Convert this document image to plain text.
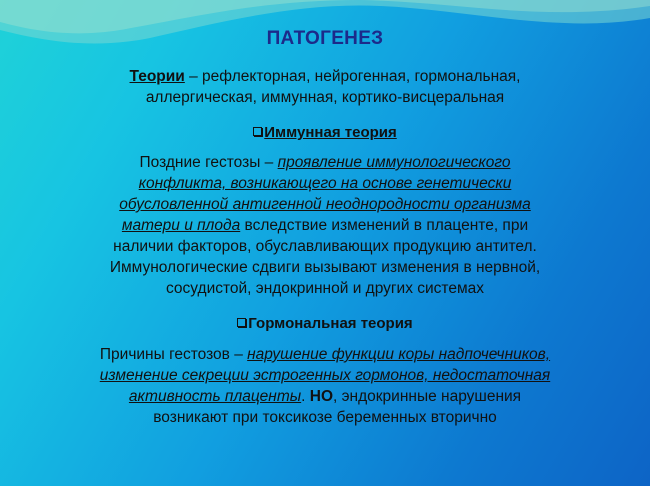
ПАТОГЕНЕЗ
Теории – рефлекторная, нейрогенная, гормональная,
аллергическая, иммунная, кортико-висцеральная
Иммунная теория
Поздние гестозы – проявление иммунологического
конфликта, возникающего на основе генетически
обусловленной антигенной неоднородности организма
матери и плода вследствие изменений в плаценте, при
наличии факторов, обуславливающих продукцию антител.
Иммунологические сдвиги вызывают изменения в нервной,
сосудистой, эндокринной и других системах
Гормональная теория
Причины гестозов – нарушение функции коры надпочечников,
изменение секреции эстрогенных гормонов, недостаточная
активность плаценты. НО, эндокринные нарушения
возникают при токсикозе беременных вторично
